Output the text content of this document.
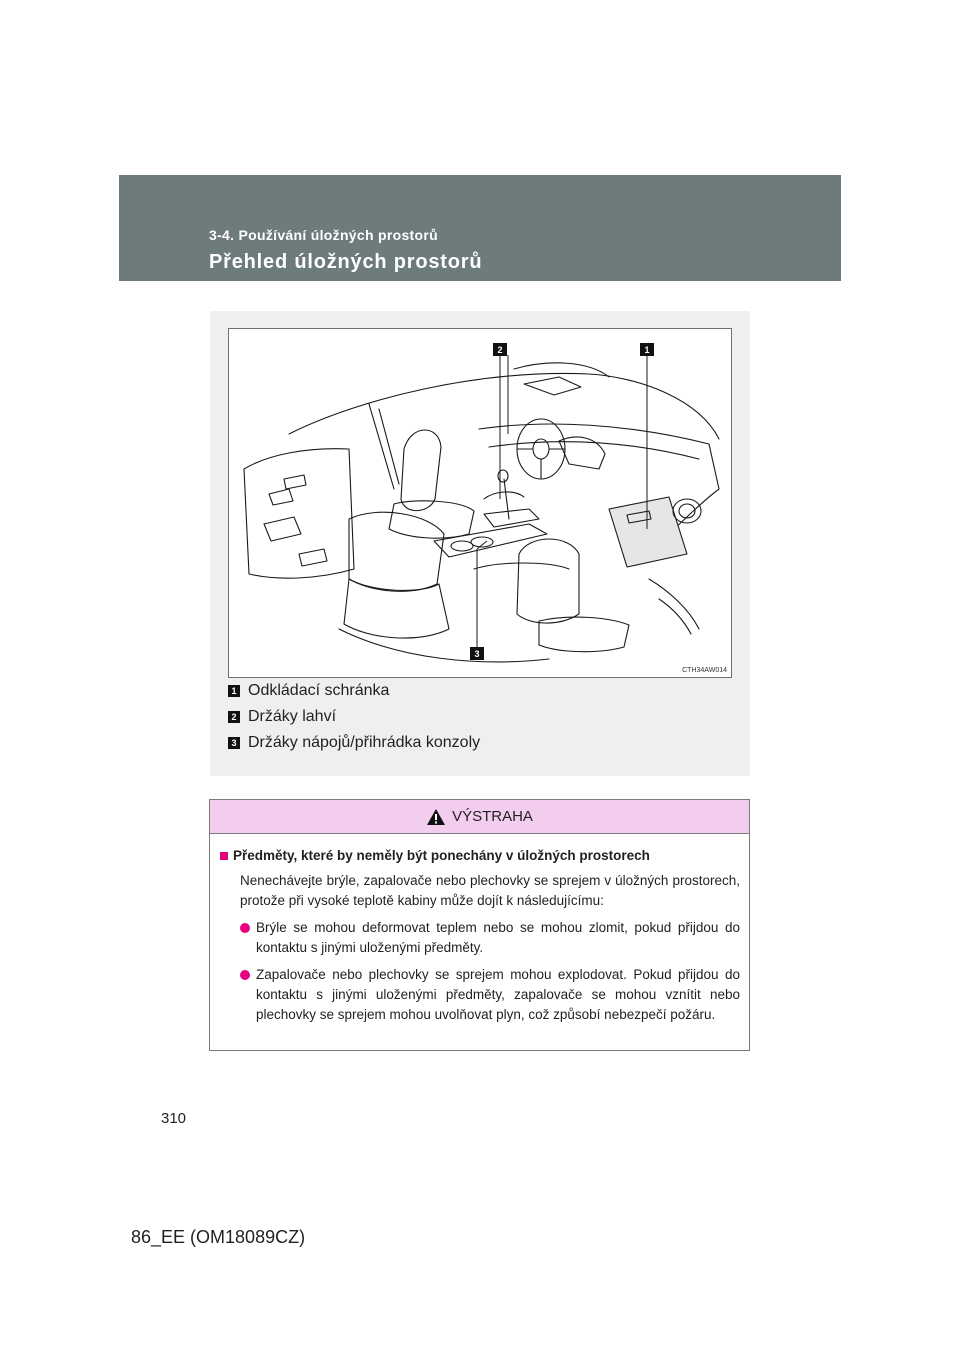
3-4. Používání úložných prostorů

Přehled úložných prostorů
2	1
3
CTH34AW014
1 Odkládací schránka
2 Držáky lahví
3 Držáky nápojů/přihrádka konzoly
VÝSTRAHA
Předměty, které by neměly být ponechány v úložných prostorech

Nenechávejte brýle, zapalovače nebo plechovky se sprejem v úložných prostorech, protože při vysoké teplotě kabiny může dojít k následujícímu:

Brýle se mohou deformovat teplem nebo se mohou zlomit, pokud přijdou do kontaktu s jinými uloženými předměty.
Zapalovače nebo plechovky se sprejem mohou explodovat. Pokud přijdou do kontaktu s jinými uloženými předměty, zapalovače se mohou vznítit nebo plechovky se sprejem mohou uvolňovat plyn, což způsobí nebezpečí požáru.
310
86_EE (OM18089CZ)
